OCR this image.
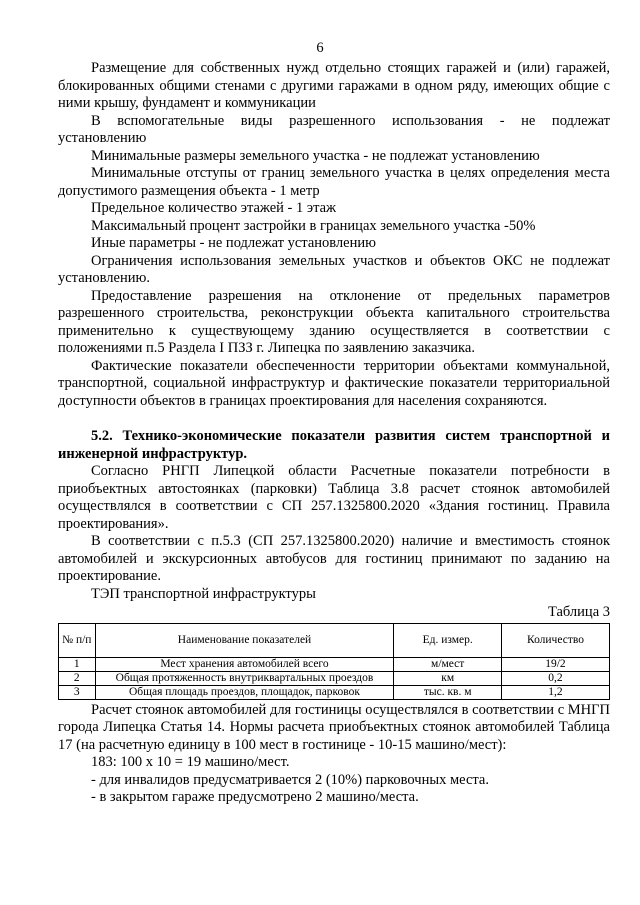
6

Размещение для собственных нужд отдельно стоящих гаражей и (или) гаражей, блокированных общими стенами с другими гаражами в одном ряду, имеющих общие с ними крышу, фундамент и коммуникации

В вспомогательные виды разрешенного использования - не подлежат установлению

Минимальные размеры земельного участка - не подлежат установлению

Минимальные отступы от границ земельного участка в целях определения места допустимого размещения объекта - 1 метр

Предельное количество этажей - 1 этаж

Максимальный процент застройки в границах земельного участка -50%

Иные параметры - не подлежат установлению

Ограничения использования земельных участков и объектов ОКС не подлежат установлению.

Предоставление разрешения на отклонение от предельных параметров разрешенного строительства, реконструкции объекта капитального строительства применительно к существующему зданию осуществляется в соответствии с положениями п.5 Раздела I ПЗЗ г. Липецка по заявлению заказчика.

Фактические показатели обеспеченности территории объектами коммунальной, транспортной, социальной инфраструктур и фактические показатели территориальной доступности объектов в границах проектирования для населения сохраняются.

5.2. Технико-экономические показатели развития систем транспортной и инженерной инфраструктур.

Согласно РНГП Липецкой области Расчетные показатели потребности в приобъектных автостоянках (парковки) Таблица 3.8 расчет стоянок автомобилей осуществлялся в соответствии с СП 257.1325800.2020 «Здания гостиниц. Правила проектирования».

В соответствии с п.5.3 (СП 257.1325800.2020) наличие и вместимость стоянок автомобилей и экскурсионных автобусов для гостиниц принимают по заданию на проектирование.

ТЭП транспортной инфраструктуры

Таблица 3

№ п/п	Наименование показателей	Ед. измер.	Количество
1	Мест хранения автомобилей всего	м/мест	19/2
2	Общая протяженность внутриквартальных проездов	км	0,2
3	Общая площадь проездов, площадок, парковок	тыс. кв. м	1,2

Расчет стоянок автомобилей для гостиницы осуществлялся в соответствии с МНГП города Липецка Статья 14. Нормы расчета приобъектных стоянок автомобилей Таблица 17 (на расчетную единицу в 100 мест в гостинице - 10-15 машино/мест):

183: 100 х 10 = 19 машино/мест.

- для инвалидов предусматривается 2 (10%) парковочных места.

- в закрытом гараже предусмотрено 2 машино/места.
